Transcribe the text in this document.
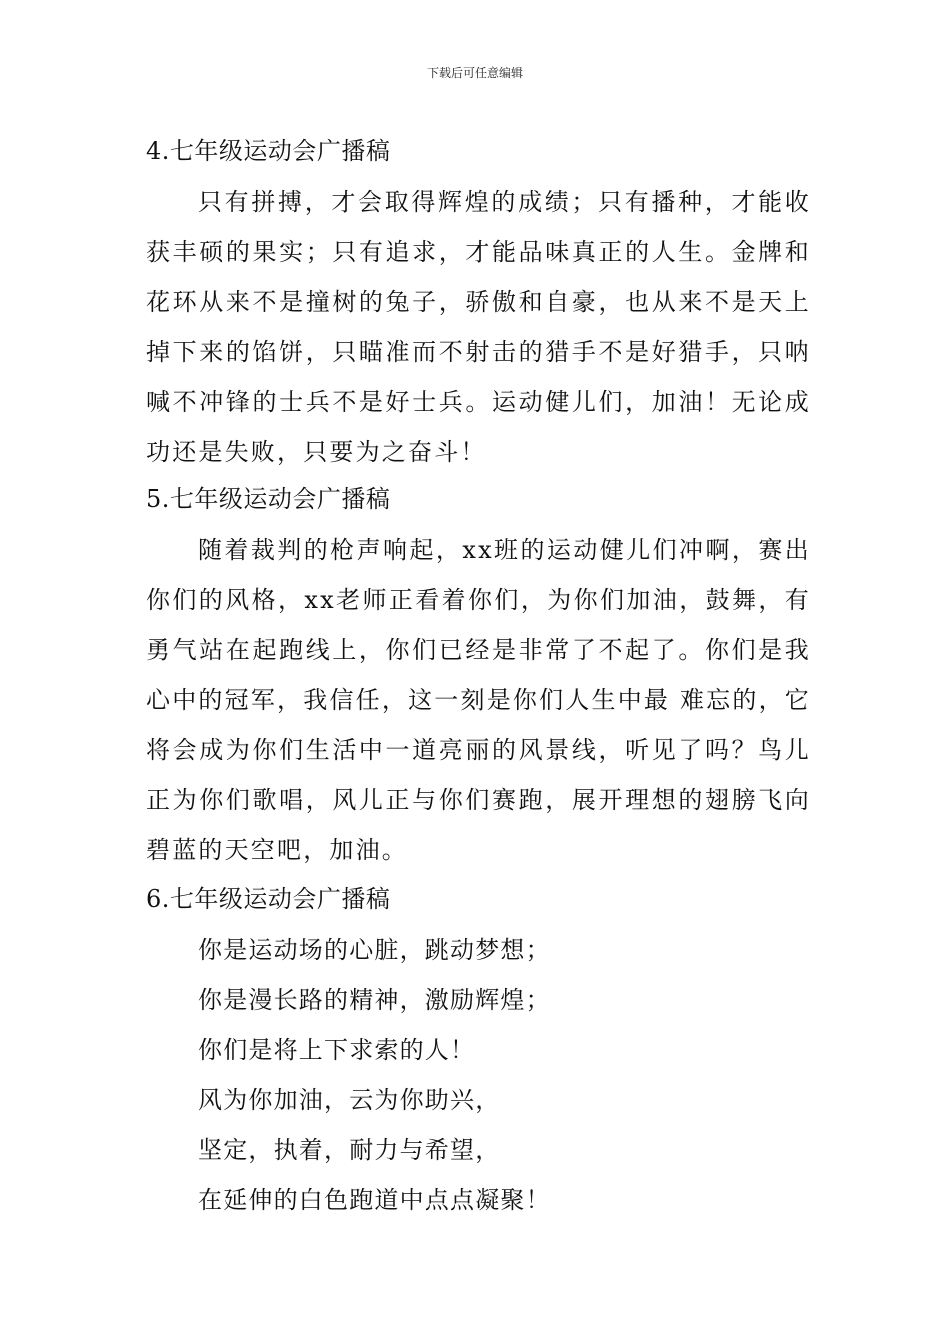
下载后可任意编辑
4.七年级运动会广播稿

只有拼搏，才会取得辉煌的成绩；只有播种，才能收获丰硕的果实；只有追求，才能品味真正的人生。金牌和花环从来不是撞树的兔子，骄傲和自豪，也从来不是天上掉下来的馅饼，只瞄准而不射击的猎手不是好猎手，只呐喊不冲锋的士兵不是好士兵。运动健儿们，加油！无论成功还是失败，只要为之奋斗！

5.七年级运动会广播稿

随着裁判的枪声响起，xx班的运动健儿们冲啊，赛出你们的风格，xx老师正看着你们，为你们加油，鼓舞，有勇气站在起跑线上，你们已经是非常了不起了。你们是我心中的冠军，我信任，这一刻是你们人生中最 难忘的，它将会成为你们生活中一道亮丽的风景线，听见了吗？鸟儿正为你们歌唱，风儿正与你们赛跑，展开理想的翅膀飞向碧蓝的天空吧，加油。

6.七年级运动会广播稿
你是运动场的心脏，跳动梦想；
你是漫长路的精神，激励辉煌；
你们是将上下求索的人！
风为你加油，云为你助兴，
坚定，执着，耐力与希望，
在延伸的白色跑道中点点凝聚！
